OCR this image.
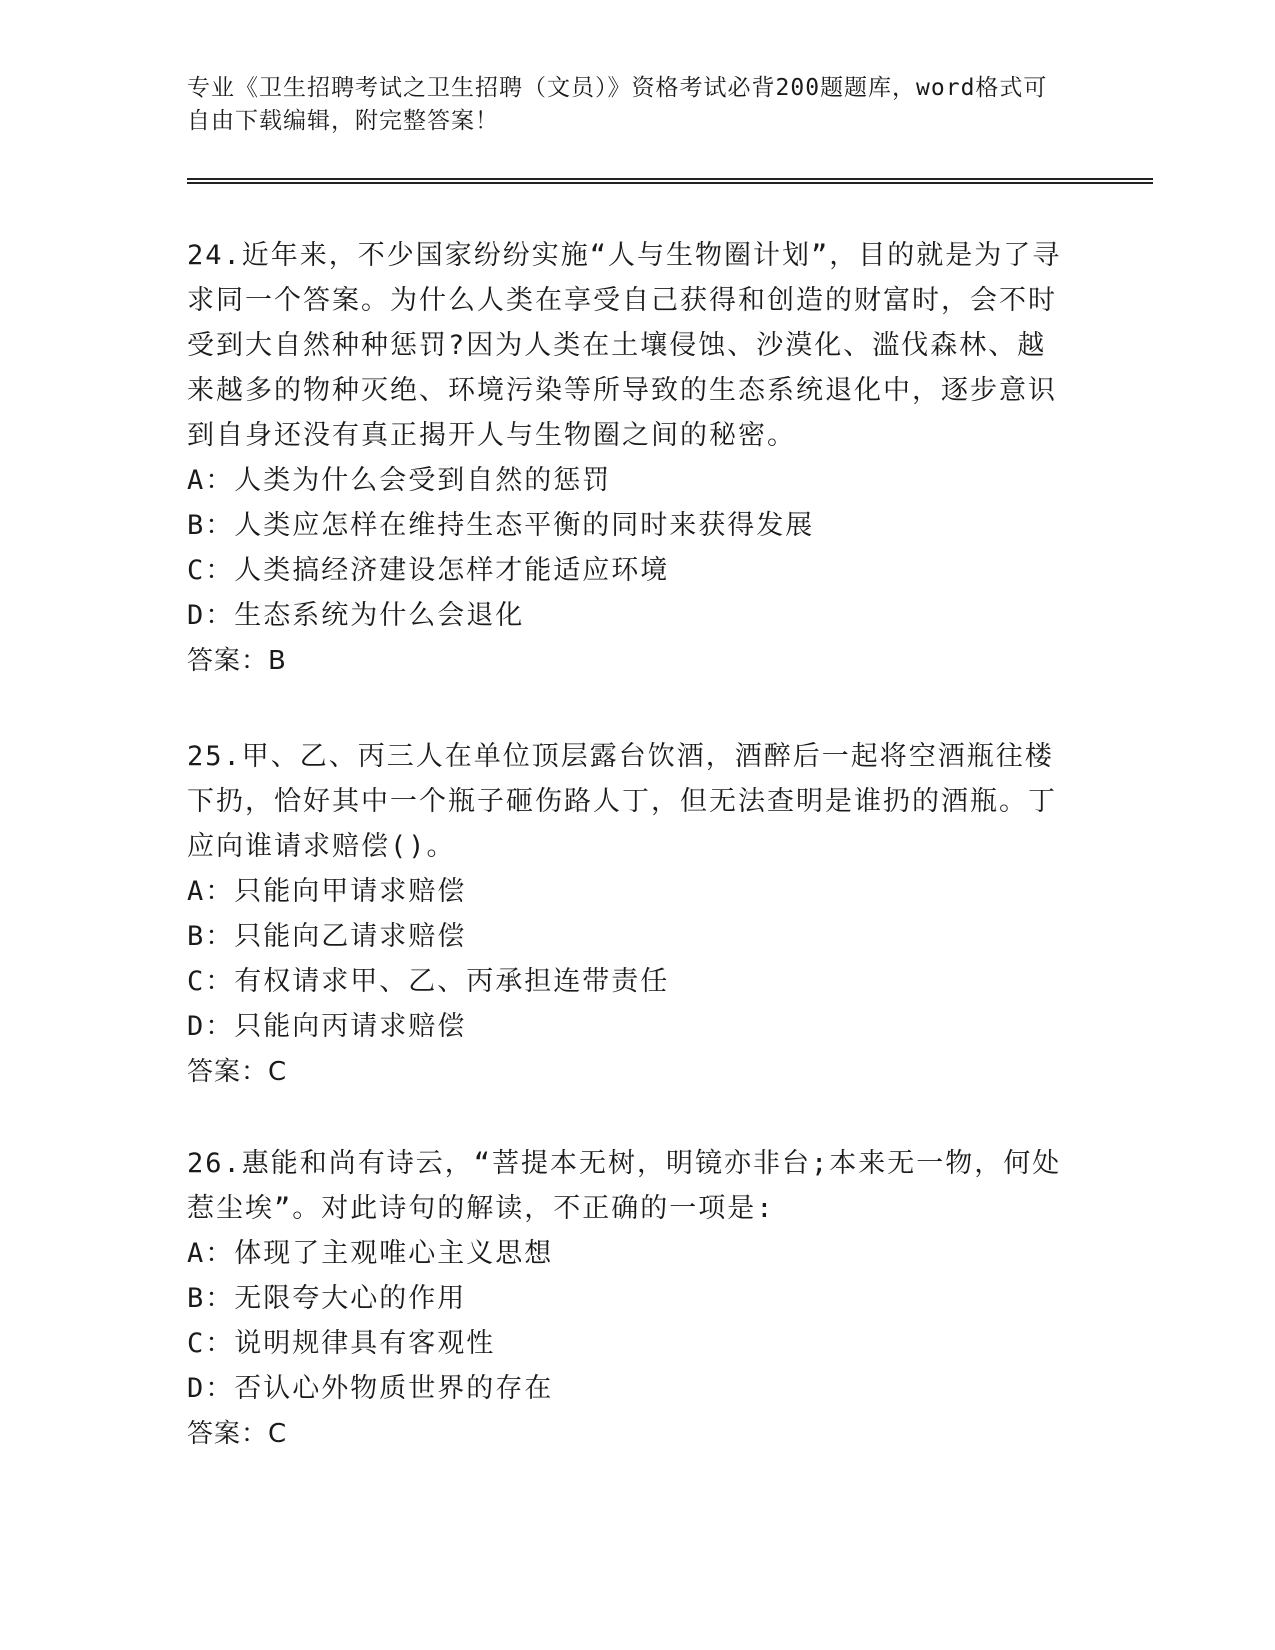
专业《卫生招聘考试之卫生招聘（文员）》资格考试必背200题题库，word格式可自由下载编辑，附完整答案！
24.近年来，不少国家纷纷实施“人与生物圈计划”，目的就是为了寻求同一个答案。为什么人类在享受自己获得和创造的财富时，会不时受到大自然种种惩罚?因为人类在土壤侵蚀、沙漠化、滥伐森林、越来越多的物种灭绝、环境污染等所导致的生态系统退化中，逐步意识到自身还没有真正揭开人与生物圈之间的秘密。
A：人类为什么会受到自然的惩罚
B：人类应怎样在维持生态平衡的同时来获得发展
C：人类搞经济建设怎样才能适应环境
D：生态系统为什么会退化
答案：B
25.甲、乙、丙三人在单位顶层露台饮酒，酒醉后一起将空酒瓶往楼下扔，恰好其中一个瓶子砸伤路人丁，但无法查明是谁扔的酒瓶。丁应向谁请求赔偿()。
A：只能向甲请求赔偿
B：只能向乙请求赔偿
C：有权请求甲、乙、丙承担连带责任
D：只能向丙请求赔偿
答案：C
26.惠能和尚有诗云，“菩提本无树，明镜亦非台;本来无一物，何处惹尘埃”。对此诗句的解读，不正确的一项是:
A：体现了主观唯心主义思想
B：无限夸大心的作用
C：说明规律具有客观性
D：否认心外物质世界的存在
答案：C
